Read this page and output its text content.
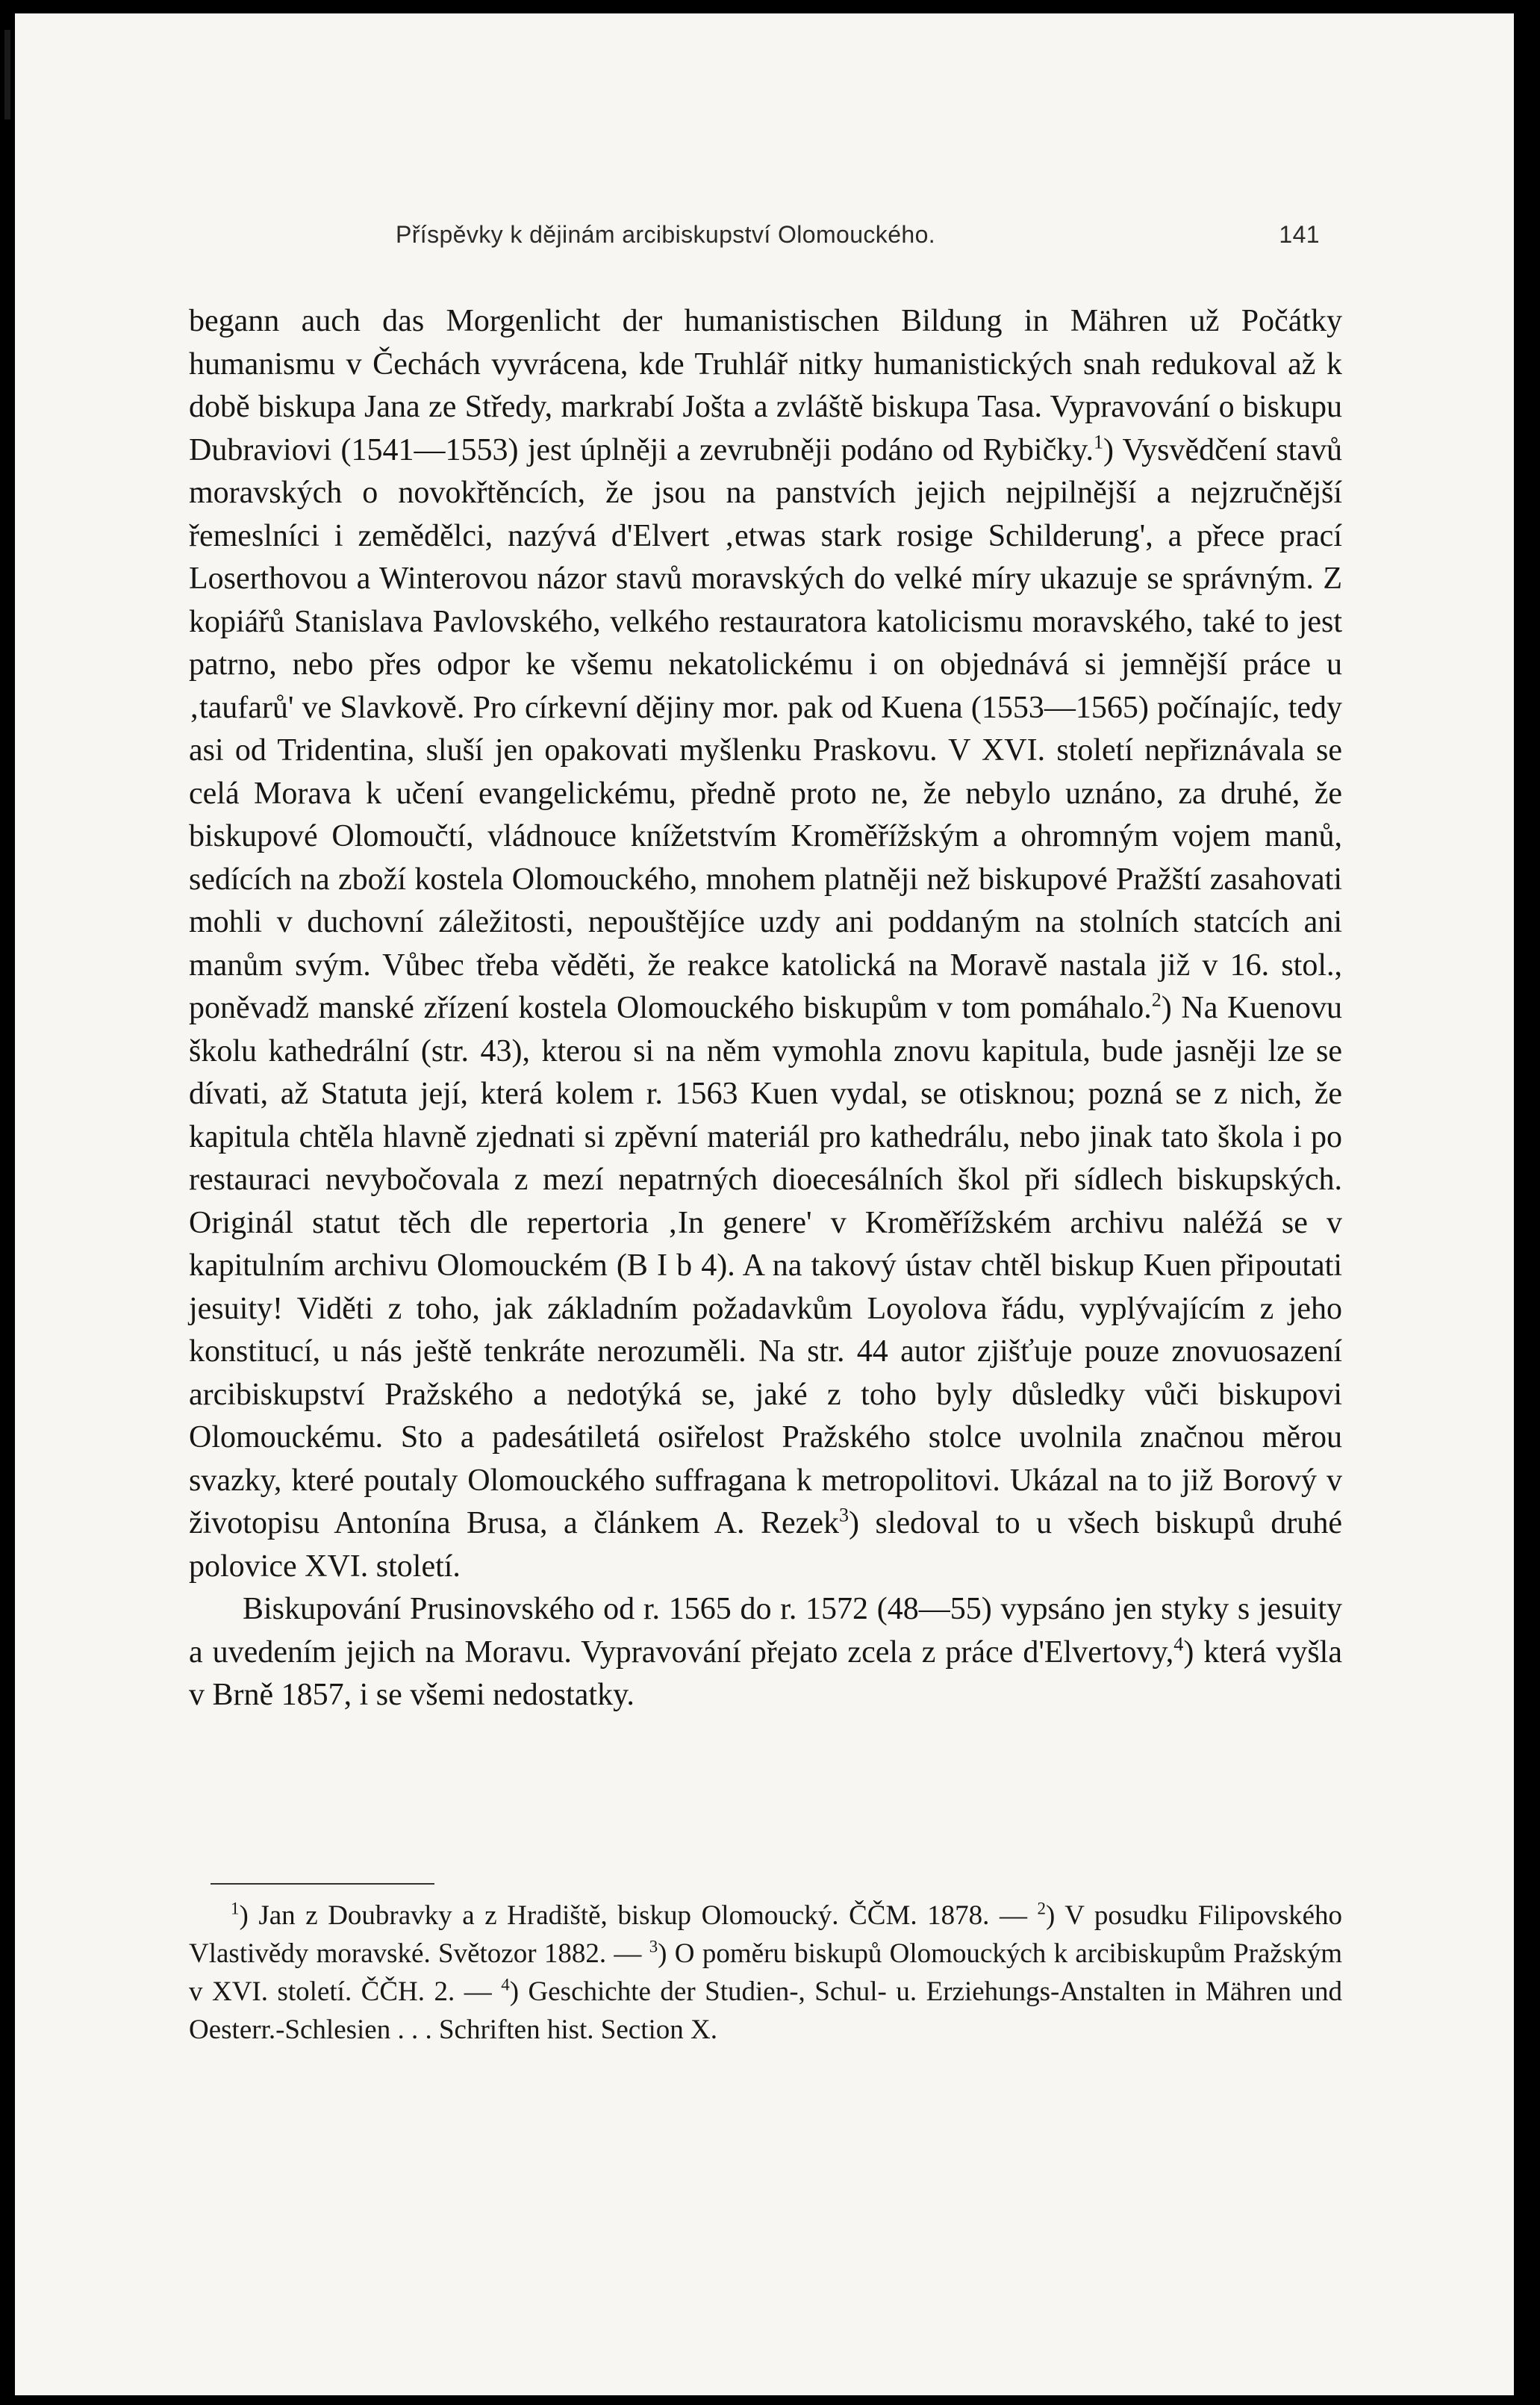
Příspěvky k dějinám arcibiskupství Olomouckého.	141

begann auch das Morgenlicht der humanistischen Bildung in Mähren už Počátky humanismu v Čechách vyvrácena, kde Truhlář nitky humanistických snah redukoval až k době biskupa Jana ze Středy, markrabí Jošta a zvláště biskupa Tasa. Vypravování o biskupu Dubraviovi (1541—1553) jest úplněji a zevrubněji podáno od Rybičky.$^1$) Vysvědčení stavů moravských o novokřtěncích, že jsou na panstvích jejich nejpilnější a nejzručnější řemeslníci i zemědělci, nazývá d'Elvert ‚etwas stark rosige Schilderung', a přece prací Loserthovou a Winterovou názor stavů moravských do velké míry ukazuje se správným. Z kopiářů Stanislava Pavlovského, velkého restauratora katolicismu moravského, také to jest patrno, nebo přes odpor ke všemu nekatolickému i on objednává si jemnější práce u ‚taufarů' ve Slavkově. Pro církevní dějiny mor. pak od Kuena (1553—1565) počínajíc, tedy asi od Tridentina, sluší jen opakovati myšlenku Praskovu. V XVI. století nepřiznávala se celá Morava k učení evangelickému, předně proto ne, že nebylo uznáno, za druhé, že biskupové Olomoučtí, vládnouce knížetstvím Kroměřížským a ohromným vojem manů, sedících na zboží kostela Olomouckého, mnohem platněji než biskupové Pražští zasahovati mohli v duchovní záležitosti, nepouštějíce uzdy ani poddaným na stolních statcích ani manům svým. Vůbec třeba věděti, že reakce katolická na Moravě nastala již v 16. stol., poněvadž manské zřízení kostela Olomouckého biskupům v tom pomáhalo.$^2$) Na Kuenovu školu kathedrální (str. 43), kterou si na něm vymohla znovu kapitula, bude jasněji lze se dívati, až Statuta její, která kolem r. 1563 Kuen vydal, se otisknou; pozná se z nich, že kapitula chtěla hlavně zjednati si zpěvní materiál pro kathedrálu, nebo jinak tato škola i po restauraci nevybočovala z mezí nepatrných dioecesálních škol při sídlech biskupských. Originál statut těch dle repertoria ‚In genere' v Kroměřížském archivu naléžá se v kapitulním archivu Olomouckém (B I b 4). A na takový ústav chtěl biskup Kuen připoutati jesuity! Viděti z toho, jak základním požadavkům Loyolova řádu, vyplývajícím z jeho konstitucí, u nás ještě tenkráte nerozuměli. Na str. 44 autor zjišťuje pouze znovuosazení arcibiskupství Pražského a nedotýká se, jaké z toho byly důsledky vůči biskupovi Olomouckému. Sto a padesátiletá osiřelost Pražského stolce uvolnila značnou měrou svazky, které poutaly Olomouckého suffragana k metropolitovi. Ukázal na to již Borový v životopisu Antonína Brusa, a článkem A. Rezek$^3$) sledoval to u všech biskupů druhé polovice XVI. století.

Biskupování Prusinovského od r. 1565 do r. 1572 (48—55) vypsáno jen styky s jesuity a uvedením jejich na Moravu. Vypravování přejato zcela z práce d'Elvertovy,$^4$) která vyšla v Brně 1857, i se všemi nedostatky.

$^1$) Jan z Doubravky a z Hradiště, biskup Olomoucký. ČČM. 1878. — $^2$) V posudku Filipovského Vlastivědy moravské. Světozor 1882. — $^3$) O poměru biskupů Olomouckých k arcibiskupům Pražským v XVI. století. ČČH. 2. — $^4$) Geschichte der Studien-, Schul- u. Erziehungs-Anstalten in Mähren und Oesterr.-Schlesien . . . Schriften hist. Section X.
